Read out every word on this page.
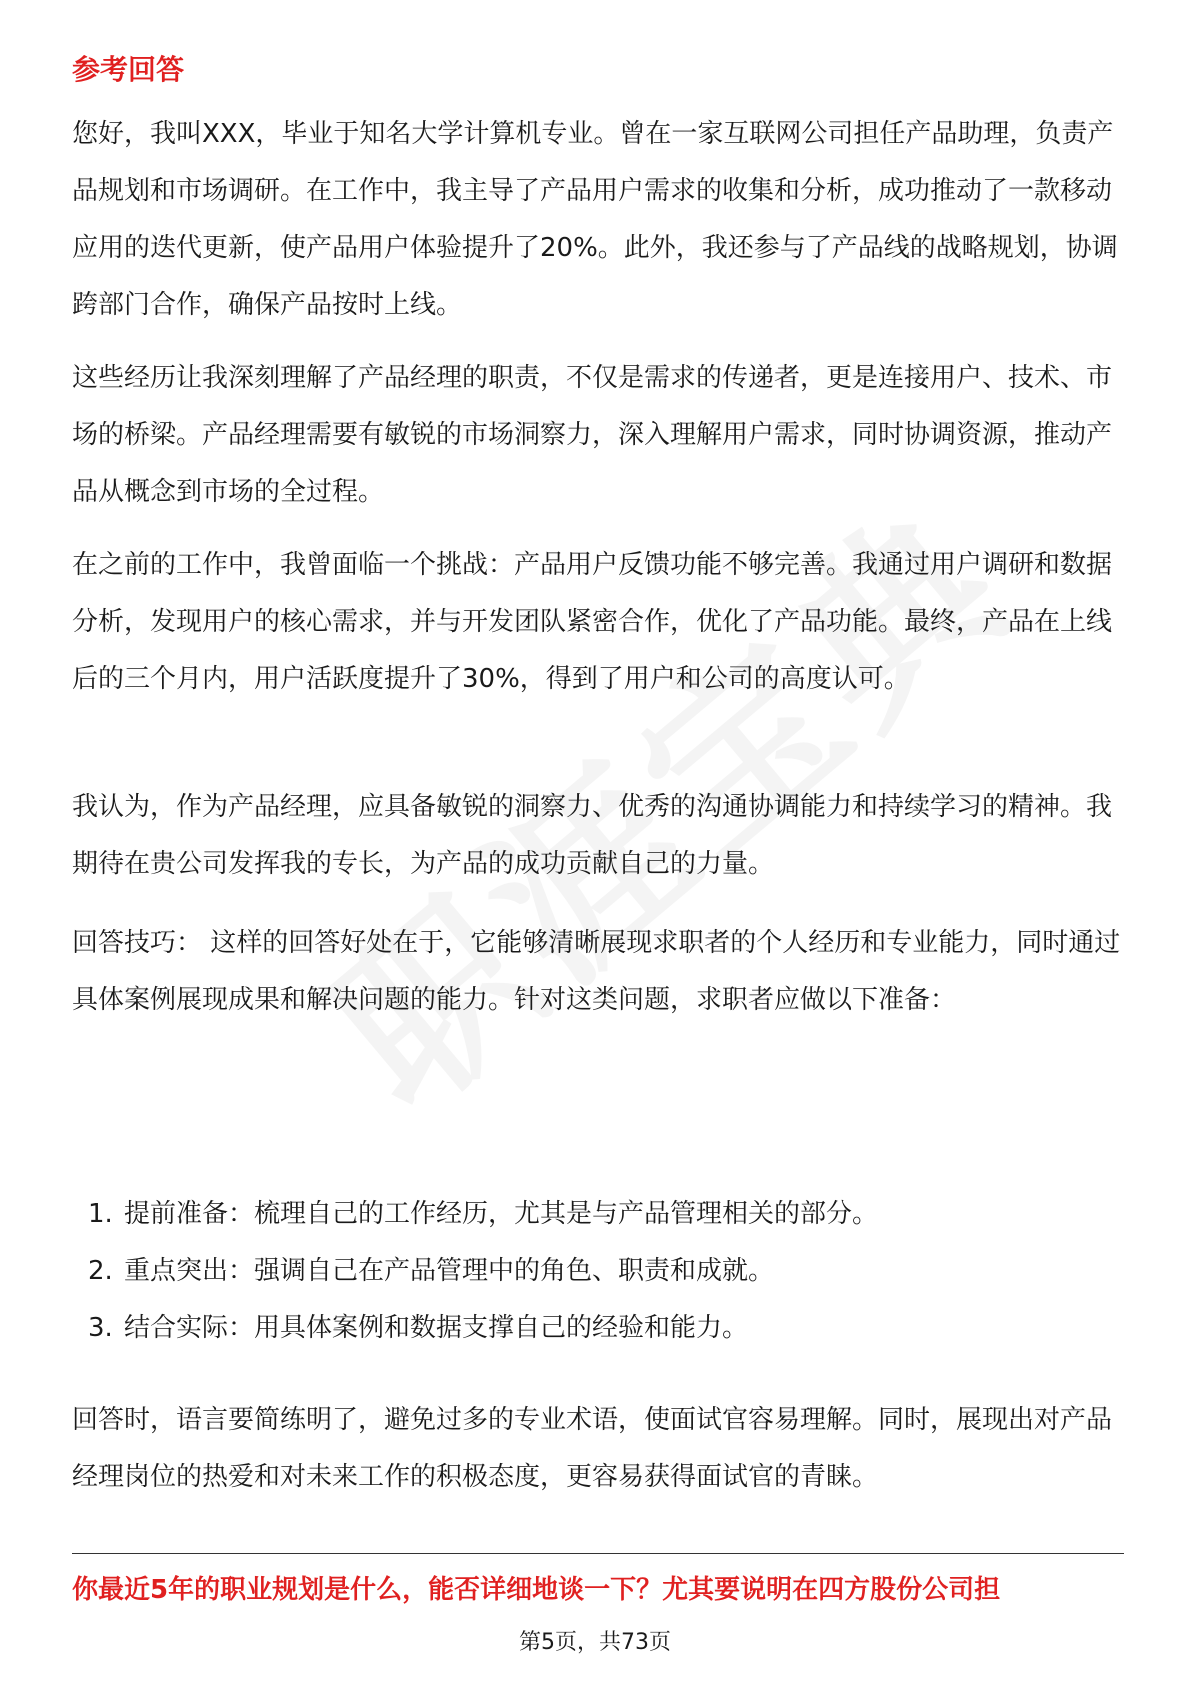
参考回答

您好，我叫XXX，毕业于知名大学计算机专业。曾在一家互联网公司担任产品助理，负责产品规划和市场调研。在工作中，我主导了产品用户需求的收集和分析，成功推动了一款移动应用的迭代更新，使产品用户体验提升了20%。此外，我还参与了产品线的战略规划，协调跨部门合作，确保产品按时上线。

这些经历让我深刻理解了产品经理的职责，不仅是需求的传递者，更是连接用户、技术、市场的桥梁。产品经理需要有敏锐的市场洞察力，深入理解用户需求，同时协调资源，推动产品从概念到市场的全过程。

在之前的工作中，我曾面临一个挑战：产品用户反馈功能不够完善。我通过用户调研和数据分析，发现用户的核心需求，并与开发团队紧密合作，优化了产品功能。最终，产品在上线后的三个月内，用户活跃度提升了30%，得到了用户和公司的高度认可。

我认为，作为产品经理，应具备敏锐的洞察力、优秀的沟通协调能力和持续学习的精神。我期待在贵公司发挥我的专长，为产品的成功贡献自己的力量。

回答技巧： 这样的回答好处在于，它能够清晰展现求职者的个人经历和专业能力，同时通过具体案例展现成果和解决问题的能力。针对这类问题，求职者应做以下准备：

1. 提前准备：梳理自己的工作经历，尤其是与产品管理相关的部分。
2. 重点突出：强调自己在产品管理中的角色、职责和成就。
3. 结合实际：用具体案例和数据支撑自己的经验和能力。

回答时，语言要简练明了，避免过多的专业术语，使面试官容易理解。同时，展现出对产品经理岗位的热爱和对未来工作的积极态度，更容易获得面试官的青睐。

你最近5年的职业规划是什么，能否详细地谈一下？尤其要说明在四方股份公司担

第5页，共73页
